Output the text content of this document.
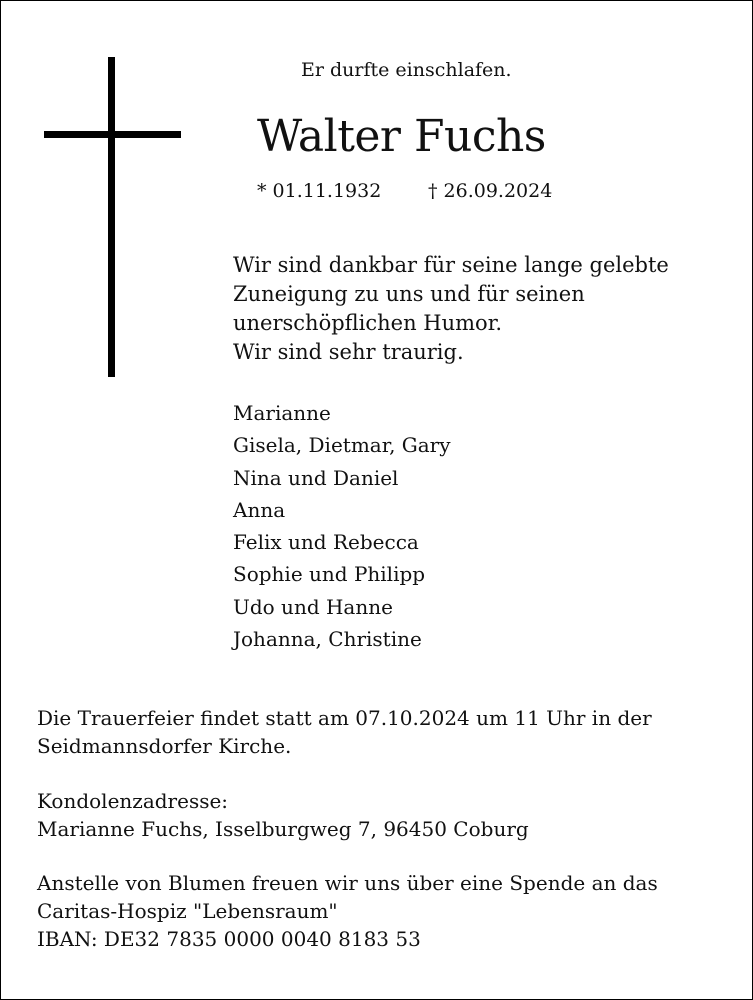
Er durfte einschlafen.
Walter Fuchs
* 01.11.1932 † 26.09.2024
Wir sind dankbar für seine lange gelebte
Zuneigung zu uns und für seinen
unerschöpflichen Humor.
Wir sind sehr traurig.
Marianne
Gisela, Dietmar, Gary
Nina und Daniel
Anna
Felix und Rebecca
Sophie und Philipp
Udo und Hanne
Johanna, Christine
Die Trauerfeier findet statt am 07.10.2024 um 11 Uhr in der
Seidmannsdorfer Kirche.
Kondolenzadresse:
Marianne Fuchs, Isselburgweg 7, 96450 Coburg
Anstelle von Blumen freuen wir uns über eine Spende an das
Caritas-Hospiz "Lebensraum"
IBAN: DE32 7835 0000 0040 8183 53
